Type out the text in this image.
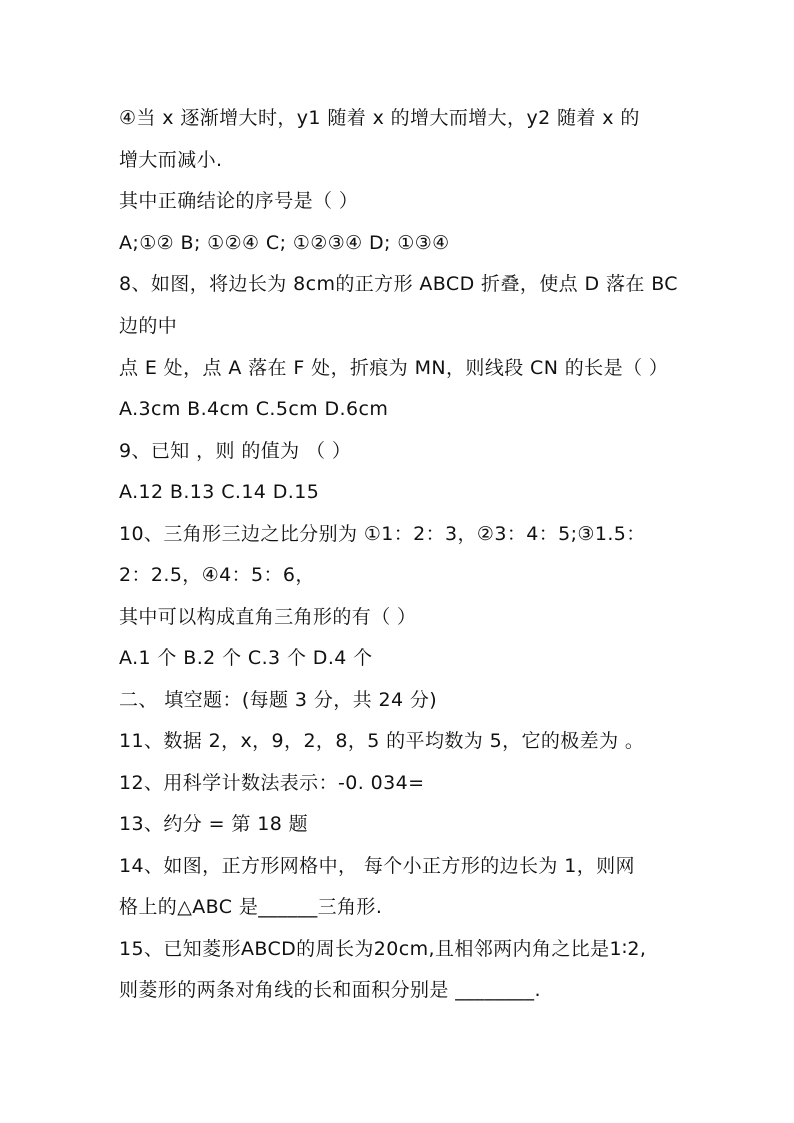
④当 x 逐渐增大时，y1 随着 x 的增大而增大，y2 随着 x 的
增大而减小.
其中正确结论的序号是（ ）
A;①② B; ①②④ C; ①②③④ D; ①③④
8、如图，将边长为 8cm的正方形 ABCD 折叠，使点 D 落在 BC
边的中
点 E 处，点 A 落在 F 处，折痕为 MN，则线段 CN 的长是（ ）
A.3cm B.4cm C.5cm D.6cm
9、已知 ，则 的值为 （ ）
A.12 B.13 C.14 D.15
10、三角形三边之比分别为 ①1：2：3，②3：4：5;③1.5：
2：2.5，④4：5：6，
其中可以构成直角三角形的有（ ）
A.1 个 B.2 个 C.3 个 D.4 个
二、 填空题：(每题 3 分，共 24 分)
11、数据 2，x，9，2，8，5 的平均数为 5，它的极差为 。
12、用科学计数法表示：-0. 034=
13、约分 = 第 18 题
14、如图，正方形网格中， 每个小正方形的边长为 1，则网
格上的△ABC 是______三角形.
15、已知菱形ABCD的周长为20cm,且相邻两内角之比是1∶2,
则菱形的两条对角线的长和面积分别是 ________.
